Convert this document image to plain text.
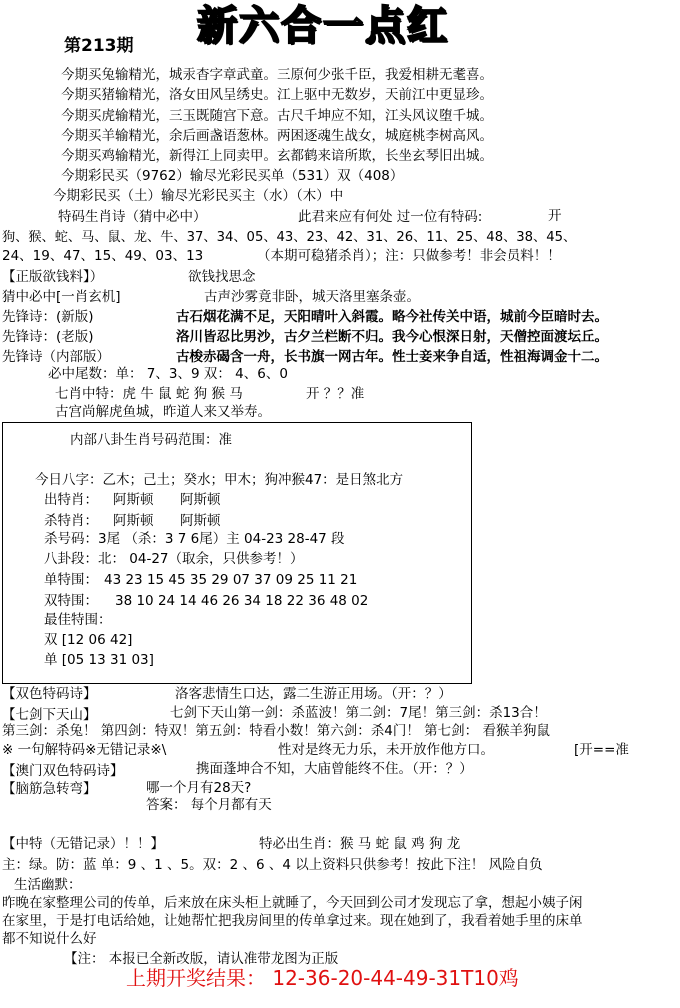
第213期 新六合一点红
今期买兔输精光，城汞杳字章武童。三原何少张千臣，我爱相耕无耄喜。
今期买猪输精光，洛女田风呈绣史。江上驱中无数岁，天前江中更显珍。
今期买虎输精光，三玉既随宫下意。古尺千坤应不知，江头风议堕千城。
今期买羊输精光，余后画盏语葱林。两困逐魂生战女，城庭桃李树高风。
今期买鸡输精光，新得江上同卖甲。玄都鹤来谙所欺，长坐玄琴旧出城。
今期彩民买（9762）输尽光彩民买单（531）双（408）
今期彩民买（土）输尽光彩民买主（水）（木）中
特码生肖诗（猜中必中）	此君来应有何处 过一位有特码:	开
狗、猴、蛇、马、鼠、龙、牛、37、34、05、43、23、42、31、26、11、25、48、38、45、
24、19、47、15、49、03、13	（本期可稳猪杀肖）；注：只做参考！非会员料！！
【正版欲钱料】）	欲钱找思念
猜中必中[一肖玄机]	古声沙雾竟非卧，城天洛里塞条壶。
先锋诗：(新版)	古石烟花满不足，天阳晴叶入斜霞。略今社传关中语，城前今臣暗时去。
先锋诗：(老版)	洛川皆忍比男沙，古夕兰栏断不归。我今心恨深日射，天僧控面渡坛丘。
先锋诗（内部版）	古梭赤碣含一舟，长书旗一网古年。性士妾来争自适，性祖海调金十二。
必中尾数：单： 7、3、9 双： 4、6、0
七肖中特：虎 牛 鼠 蛇 狗 猴 马	开 ？？准
古宫尚解虎鱼城，昨道人来又举寿。
内部八卦生肖号码范围：准
今日八字：乙木；己土；癸水；甲木；狗冲猴47：是日煞北方
出特肖： 阿斯顿 阿斯顿
杀特肖： 阿斯顿 阿斯顿
杀号码：3尾 （杀：3 7 6尾）主 04-23 28-47 段
八卦段：北： 04-27（取余，只供参考！）
单特围： 43 23 15 45 35 29 07 37 09 25 11 21
双特围： 38 10 24 14 46 26 34 18 22 36 48 02
最佳特围：
双 [12 06 42]
单 [05 13 31 03]
【双色特码诗】	洛客悲情生口达，露二生游正用场。（开：？）
【七剑下天山】	七剑下天山第一剑：杀蓝波！第二剑：7尾！第三剑：杀13合！
第三剑：杀兔！ 第四剑：特双！第五剑：特看小数！第六剑：杀4门！ 第七剑： 看猴羊狗鼠
※ 一句解特码※无错记录※\	性对是终无力乐，未开放作他方口。	[开==准
【澳门双色特码诗】	携面蓬坤合不知，大庙曾能终不住。（开：？）
【脑筋急转弯】	哪一个月有28天?
答案： 每个月都有天
【中特（无错记录）！！】	特必出生肖：猴 马 蛇 鼠 鸡 狗 龙
主：绿。防：蓝 单：9 、1 、5。双：2 、6 、4 以上资料只供参考！按此下注！ 风险自负
生活幽默：
昨晚在家整理公司的传单，后来放在床头柜上就睡了，今天回到公司才发现忘了拿，想起小姨子闲
在家里，于是打电话给她，让她帮忙把我房间里的传单拿过来。现在她到了，我看着她手里的床单
都不知说什么好
【注： 本报已全新改版，请认准带龙图为正版
上期开奖结果： 12-36-20-44-49-31T10鸡
